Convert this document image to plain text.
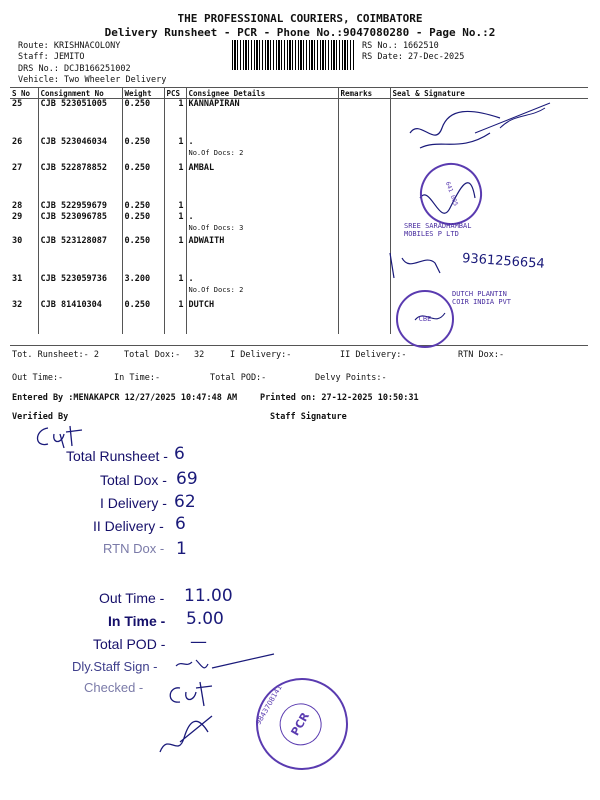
THE PROFESSIONAL COURIERS, COIMBATORE
Delivery Runsheet - PCR - Phone No.:9047080280 - Page No.:2
Route: KRISHNACOLONY
Staff: JEMITO
DRS No.: DCJB166251002
Vehicle: Two Wheeler Delivery
RS No.: 1662510
RS Date: 27-Dec-2025
S No	Consignment No	Weight	PCS	Consignee Details	Remarks	Seal & Signature
25	CJB 523051005	0.250	1	KANNAPIRAN		
26	CJB 523046034	0.250	1	.
No.Of Docs: 2		

27	CJB 522878852	0.250	1	AMBAL		
28	CJB 522959679	0.250	1			
29	CJB 523096785	0.250	1	.
No.Of Docs: 3		

30	CJB 523128087	0.250	1	ADWAITH		
31	CJB 523059736	3.200	1	.
No.Of Docs: 2		

32	CJB 81410304	0.250	1	DUTCH		
641 005
SREE SARADHAMBAL MOBILES P LTD
9361256654
CBE
DUTCH PLANTIN COIR INDIA PVT
Tot. Runsheet:- 2	Total Dox:- 32	I Delivery:-	II Delivery:-	RTN Dox:-
Out Time:-	In Time:-	Total POD:-	Delvy Points:-
Entered By :MENAKAPCR 12/27/2025 10:47:48 AM	Printed on: 27-12-2025 10:50:31
Verified By	Staff Signature
Total Runsheet - 6
Total Dox - 69
I Delivery - 62
II Delivery - 6
RTN Dox - 1
Out Time - 11.00
In Time - 5.00
Total POD - —
Dly.Staff Sign -
Checked -
PCR
9843708141
